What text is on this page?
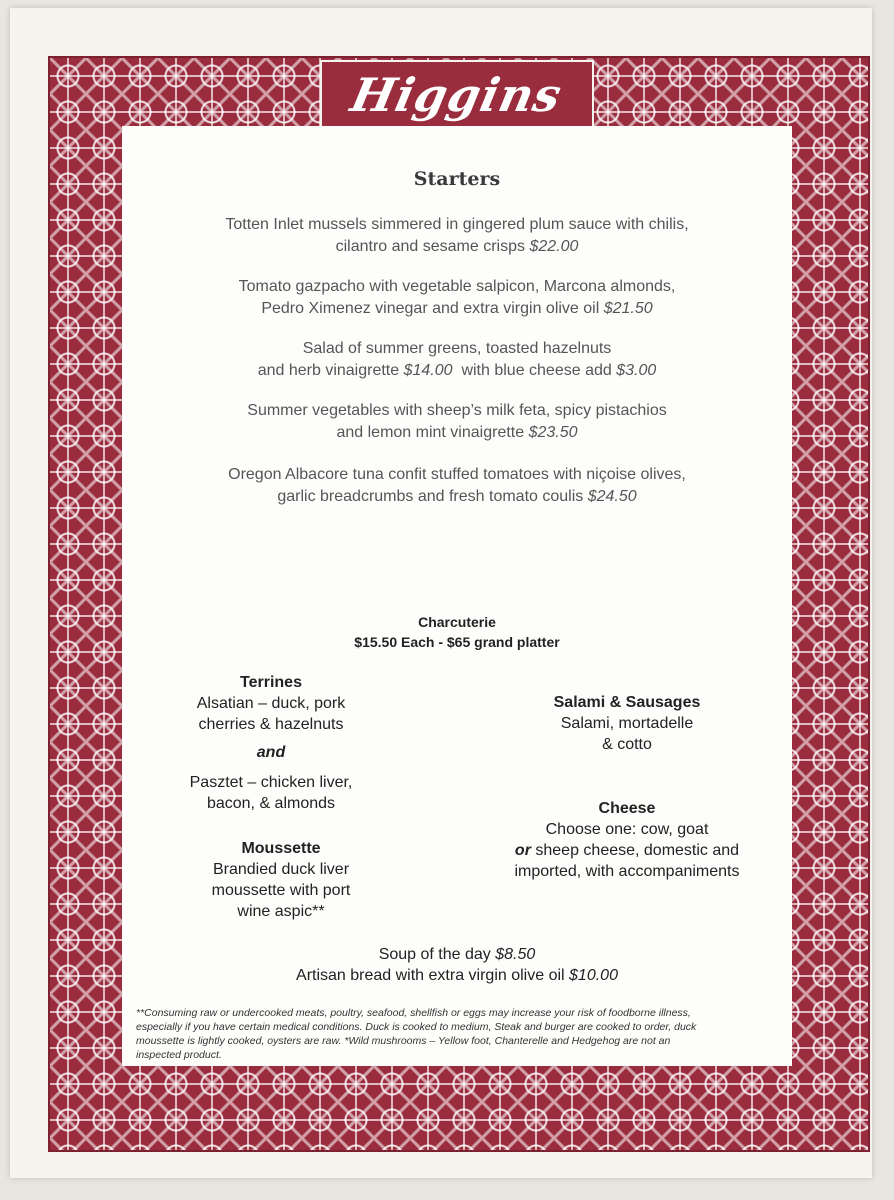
Higgins
Starters
Totten Inlet mussels simmered in gingered plum sauce with chilis,
cilantro and sesame crisps $22.00
Tomato gazpacho with vegetable salpicon, Marcona almonds,
Pedro Ximenez vinegar and extra virgin olive oil $21.50
Salad of summer greens, toasted hazelnuts
and herb vinaigrette $14.00 with blue cheese add $3.00
Summer vegetables with sheep’s milk feta, spicy pistachios
and lemon mint vinaigrette $23.50
Oregon Albacore tuna confit stuffed tomatoes with niçoise olives,
garlic breadcrumbs and fresh tomato coulis $24.50
Charcuterie
$15.50 Each - $65 grand platter
Terrines
Alsatian – duck, pork
cherries & hazelnuts
and
Pasztet – chicken liver,
bacon, & almonds
Moussette
Brandied duck liver
moussette with port
wine aspic**
Salami & Sausages
Salami, mortadelle
& cotto
Cheese
Choose one: cow, goat
or sheep cheese, domestic and
imported, with accompaniments
Soup of the day $8.50
Artisan bread with extra virgin olive oil $10.00
**Consuming raw or undercooked meats, poultry, seafood, shellfish or eggs may increase your risk of foodborne illness,
especially if you have certain medical conditions. Duck is cooked to medium, Steak and burger are cooked to order, duck
moussette is lightly cooked, oysters are raw. *Wild mushrooms – Yellow foot, Chanterelle and Hedgehog are not an
inspected product.
